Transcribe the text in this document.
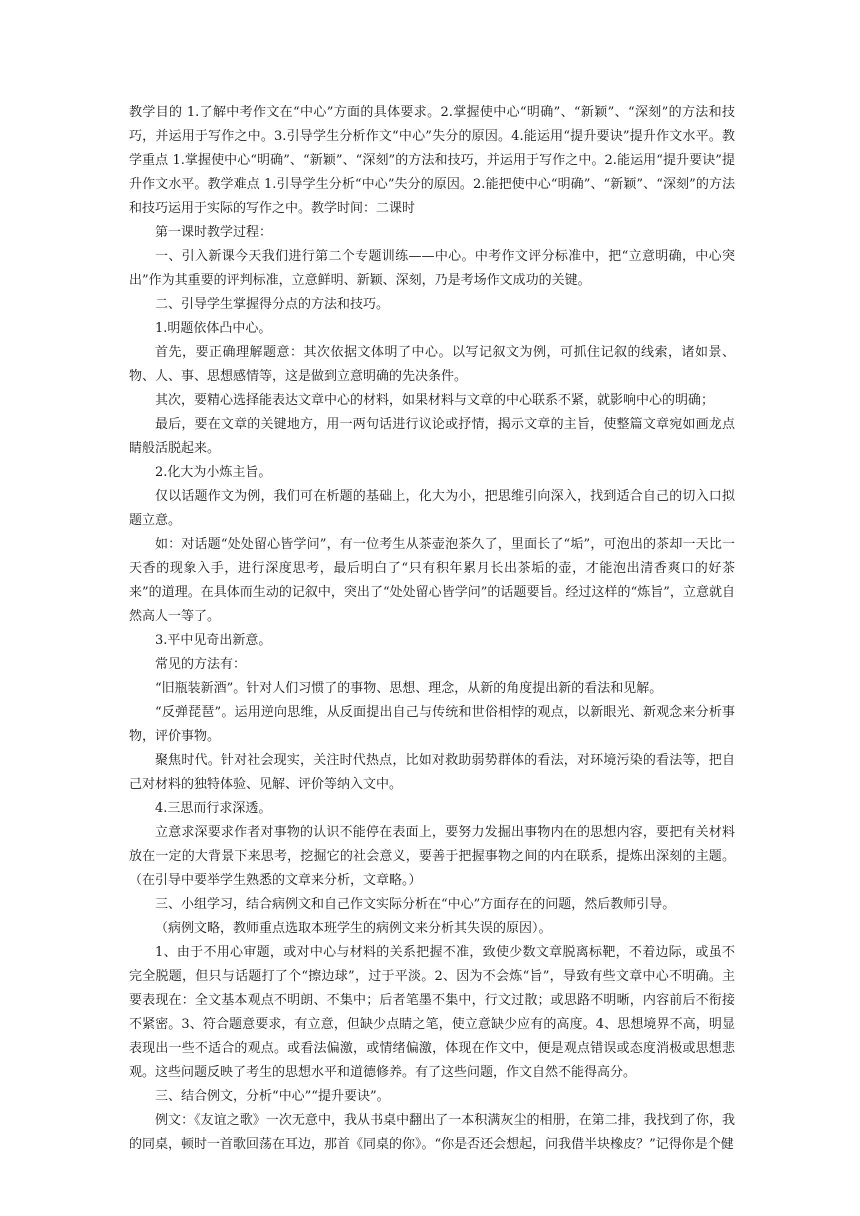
教学目的 1.了解中考作文在“中心”方面的具体要求。2.掌握使中心“明确”、“新颖”、“深刻”的方法和技巧，并运用于写作之中。3.引导学生分析作文“中心”失分的原因。4.能运用“提升要诀”提升作文水平。教学重点 1.掌握使中心“明确”、“新颖”、“深刻”的方法和技巧，并运用于写作之中。2.能运用“提升要诀”提升作文水平。教学难点 1.引导学生分析“中心”失分的原因。2.能把使中心“明确”、“新颖”、“深刻”的方法和技巧运用于实际的写作之中。教学时间：二课时

第一课时教学过程：

一、引入新课今天我们进行第二个专题训练——中心。中考作文评分标准中，把“立意明确，中心突出”作为其重要的评判标准，立意鲜明、新颖、深刻，乃是考场作文成功的关键。

二、引导学生掌握得分点的方法和技巧。

1.明题依体凸中心。

首先，要正确理解题意：其次依据文体明了中心。以写记叙文为例，可抓住记叙的线索，诸如景、物、人、事、思想感情等，这是做到立意明确的先决条件。

其次，要精心选择能表达文章中心的材料，如果材料与文章的中心联系不紧，就影响中心的明确；

最后，要在文章的关键地方，用一两句话进行议论或抒情，揭示文章的主旨，使整篇文章宛如画龙点睛般活脱起来。

2.化大为小炼主旨。

仅以话题作文为例，我们可在析题的基础上，化大为小，把思维引向深入，找到适合自己的切入口拟题立意。

如：对话题“处处留心皆学问”，有一位考生从茶壶泡茶久了，里面长了“垢”，可泡出的茶却一天比一天香的现象入手，进行深度思考，最后明白了“只有积年累月长出茶垢的壶，才能泡出清香爽口的好茶来”的道理。在具体而生动的记叙中，突出了“处处留心皆学问”的话题要旨。经过这样的“炼旨”，立意就自然高人一等了。

3.平中见奇出新意。

常见的方法有：

“旧瓶装新酒”。针对人们习惯了的事物、思想、理念，从新的角度提出新的看法和见解。

“反弹琵琶”。运用逆向思维，从反面提出自己与传统和世俗相悖的观点，以新眼光、新观念来分析事物，评价事物。

聚焦时代。针对社会现实，关注时代热点，比如对救助弱势群体的看法，对环境污染的看法等，把自己对材料的独特体验、见解、评价等纳入文中。

4.三思而行求深透。

立意求深要求作者对事物的认识不能停在表面上，要努力发掘出事物内在的思想内容，要把有关材料放在一定的大背景下来思考，挖掘它的社会意义，要善于把握事物之间的内在联系，提炼出深刻的主题。（在引导中要举学生熟悉的文章来分析，文章略。）

三、小组学习，结合病例文和自己作文实际分析在“中心”方面存在的问题，然后教师引导。

（病例文略，教师重点选取本班学生的病例文来分析其失误的原因）。

1、由于不用心审题，或对中心与材料的关系把握不准，致使少数文章脱离标靶，不着边际，或虽不完全脱题，但只与话题打了个“擦边球”，过于平淡。2、因为不会炼“旨”，导致有些文章中心不明确。主要表现在：全文基本观点不明朗、不集中；后者笔墨不集中，行文过散；或思路不明晰，内容前后不衔接不紧密。3、符合题意要求，有立意，但缺少点睛之笔，使立意缺少应有的高度。4、思想境界不高，明显表现出一些不适合的观点。或看法偏激，或情绪偏激，体现在作文中，便是观点错误或态度消极或思想悲观。这些问题反映了考生的思想水平和道德修养。有了这些问题，作文自然不能得高分。

三、结合例文，分析“中心”“提升要诀”。

例文：《友谊之歌》一次无意中，我从书桌中翻出了一本积满灰尘的相册，在第二排，我找到了你，我的同桌，顿时一首歌回荡在耳边，那首《同桌的你》。“你是否还会想起，问我借半块橡皮？”记得你是个健
